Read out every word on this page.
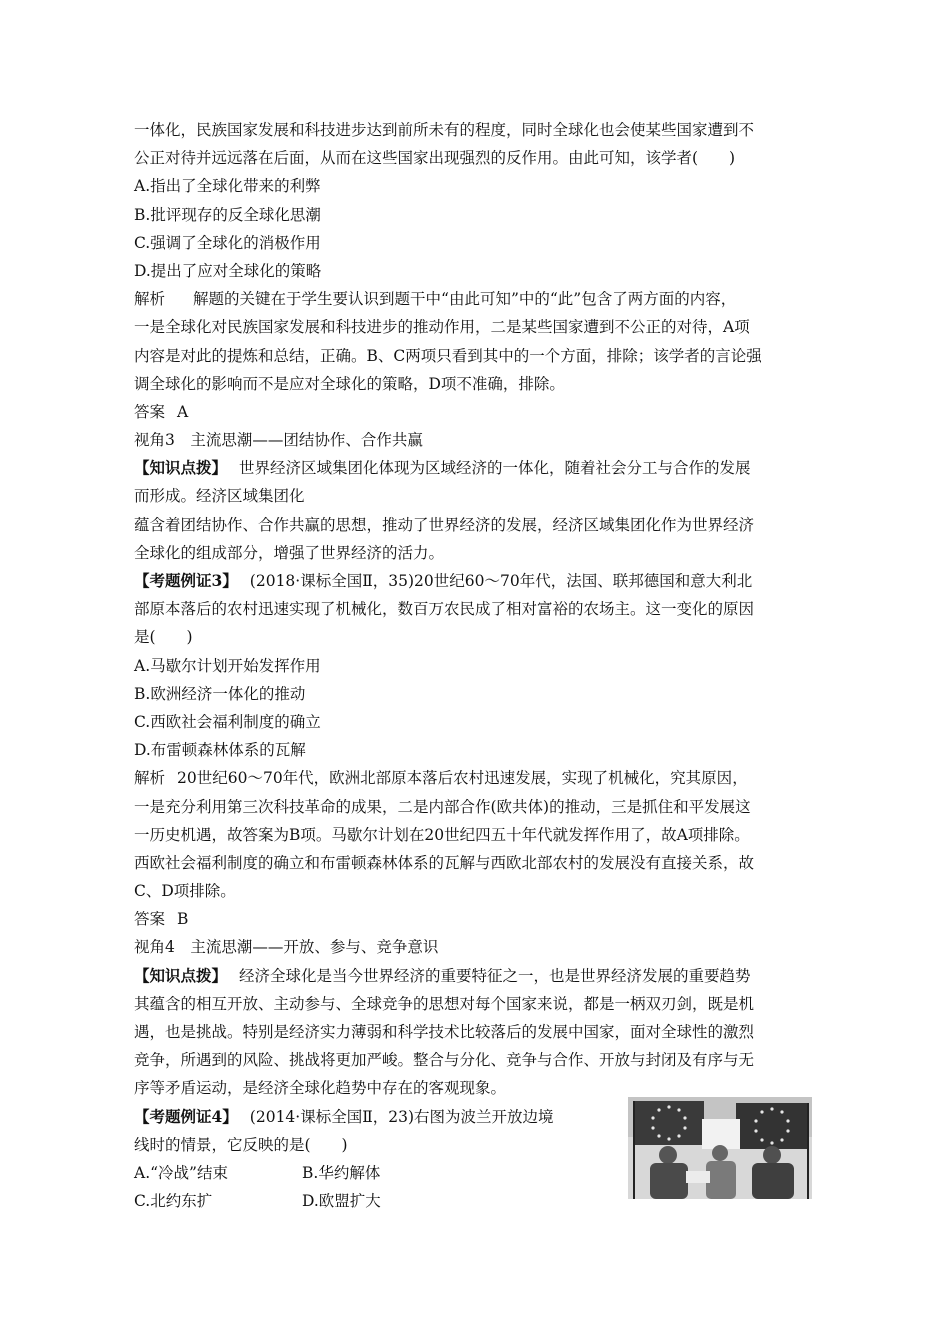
一体化，民族国家发展和科技进步达到前所未有的程度，同时全球化也会使某些国家遭到不
公正对待并远远落在后面，从而在这些国家出现强烈的反作用。由此可知，该学者(　　)
A.指出了全球化带来的利弊
B.批评现存的反全球化思潮
C.强调了全球化的消极作用
D.提出了应对全球化的策略
解析 解题的关键在于学生要认识到题干中“由此可知”中的“此”包含了两方面的内容，
一是全球化对民族国家发展和科技进步的推动作用，二是某些国家遭到不公正的对待，A项
内容是对此的提炼和总结，正确。B、C两项只看到其中的一个方面，排除；该学者的言论强
调全球化的影响而不是应对全球化的策略，D项不准确，排除。
答案 A
视角3　主流思潮——团结协作、合作共赢
【知识点拨】 世界经济区域集团化体现为区域经济的一体化，随着社会分工与合作的发展
而形成。经济区域集团化
蕴含着团结协作、合作共赢的思想，推动了世界经济的发展，经济区域集团化作为世界经济
全球化的组成部分，增强了世界经济的活力。
【考题例证3】 (2018·课标全国Ⅱ，35)20世纪60～70年代，法国、联邦德国和意大利北
部原本落后的农村迅速实现了机械化，数百万农民成了相对富裕的农场主。这一变化的原因
是(　　)
A.马歇尔计划开始发挥作用
B.欧洲经济一体化的推动
C.西欧社会福利制度的确立
D.布雷顿森林体系的瓦解
解析 20世纪60～70年代，欧洲北部原本落后农村迅速发展，实现了机械化，究其原因，
一是充分利用第三次科技革命的成果，二是内部合作(欧共体)的推动，三是抓住和平发展这
一历史机遇，故答案为B项。马歇尔计划在20世纪四五十年代就发挥作用了，故A项排除。
西欧社会福利制度的确立和布雷顿森林体系的瓦解与西欧北部农村的发展没有直接关系，故
C、D项排除。
答案 B
视角4　主流思潮——开放、参与、竞争意识
【知识点拨】 经济全球化是当今世界经济的重要特征之一，也是世界经济发展的重要趋势
其蕴含的相互开放、主动参与、全球竞争的思想对每个国家来说，都是一柄双刃剑，既是机
遇，也是挑战。特别是经济实力薄弱和科学技术比较落后的发展中国家，面对全球性的激烈
竞争，所遇到的风险、挑战将更加严峻。整合与分化、竞争与合作、开放与封闭及有序与无
序等矛盾运动，是经济全球化趋势中存在的客观现象。
【考题例证4】 (2014·课标全国Ⅱ，23)右图为波兰开放边境
线时的情景，它反映的是(　　)
A.“冷战”结束	B.华约解体
C.北约东扩	D.欧盟扩大
